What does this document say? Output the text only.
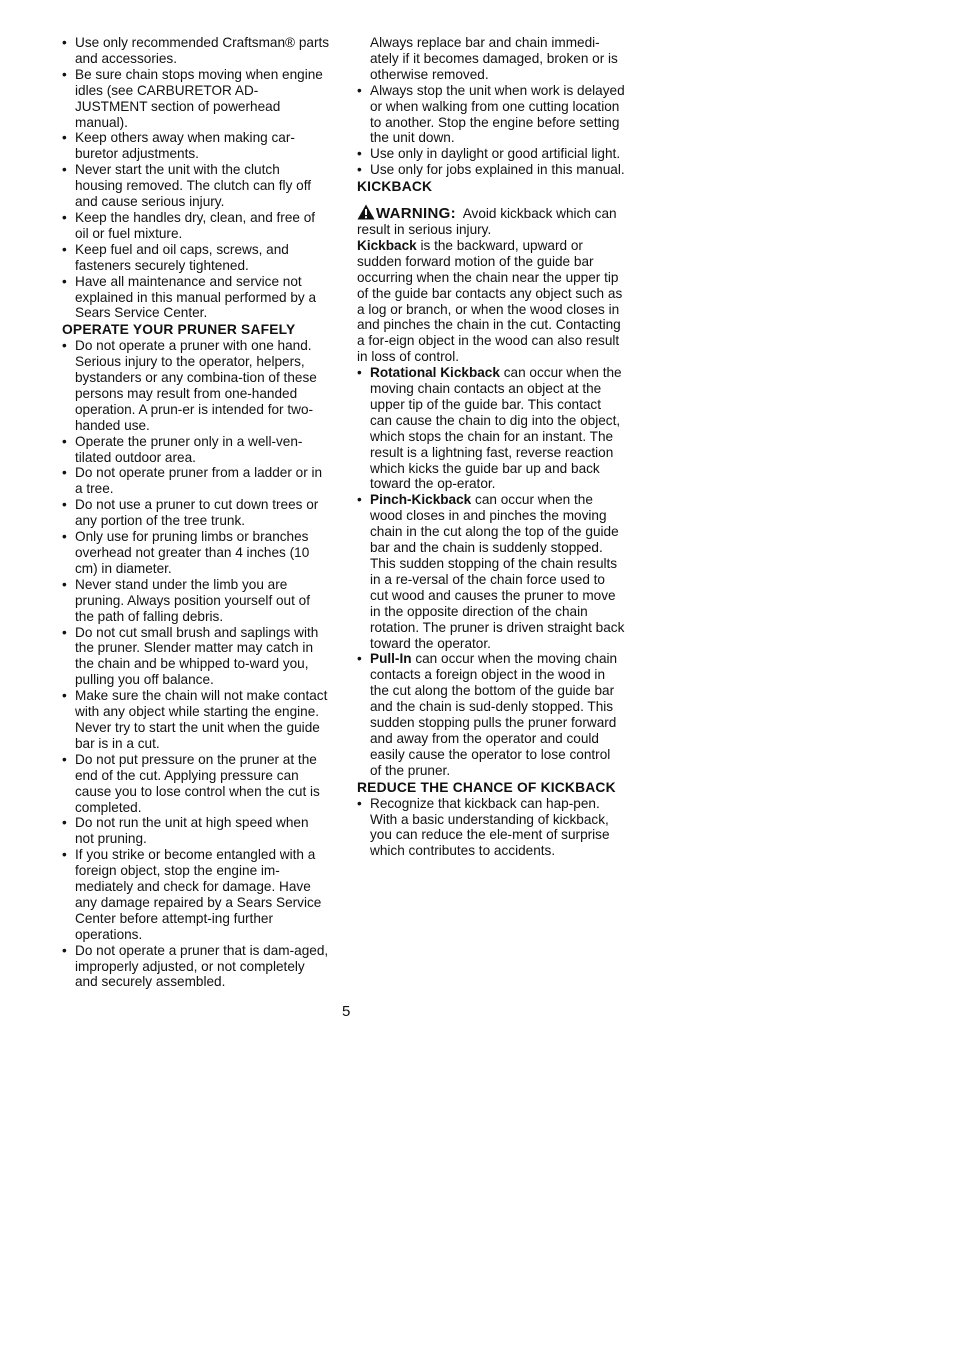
• Use only recommended Craftsman® parts and accessories.
• Be sure chain stops moving when engine idles (see CARBURETOR AD-JUSTMENT section of powerhead manual).
• Keep others away when making car-buretor adjustments.
• Never start the unit with the clutch housing removed. The clutch can fly off and cause serious injury.
• Keep the handles dry, clean, and free of oil or fuel mixture.
• Keep fuel and oil caps, screws, and fasteners securely tightened.
• Have all maintenance and service not explained in this manual performed by a Sears Service Center.
OPERATE YOUR PRUNER SAFELY
• Do not operate a pruner with one hand. Serious injury to the operator, helpers, bystanders or any combina-tion of these persons may result from one-handed operation. A prun-er is intended for two-handed use.
• Operate the pruner only in a well-ven-tilated outdoor area.
• Do not operate pruner from a ladder or in a tree.
• Do not use a pruner to cut down trees or any portion of the tree trunk.
• Only use for pruning limbs or branches overhead not greater than 4 inches (10 cm) in diameter.
• Never stand under the limb you are pruning. Always position yourself out of the path of falling debris.
• Do not cut small brush and saplings with the pruner. Slender matter may catch in the chain and be whipped to-ward you, pulling you off balance.
• Make sure the chain will not make contact with any object while starting the engine. Never try to start the unit when the guide bar is in a cut.
• Do not put pressure on the pruner at the end of the cut. Applying pressure can cause you to lose control when the cut is completed.
• Do not run the unit at high speed when not pruning.
• If you strike or become entangled with a foreign object, stop the engine im-mediately and check for damage. Have any damage repaired by a Sears Service Center before attempt-ing further operations.
• Do not operate a pruner that is dam-aged, improperly adjusted, or not completely and securely assembled.

Always replace bar and chain immedi-ately if it becomes damaged, broken or is otherwise removed.

• Always stop the unit when work is delayed or when walking from one cutting location to another. Stop the engine before setting the unit down.
• Use only in daylight or good artificial light.
• Use only for jobs explained in this manual.
KICKBACK

WARNING: Avoid kickback which can result in serious injury.

Kickback is the backward, upward or sudden forward motion of the guide bar occurring when the chain near the upper tip of the guide bar contacts any object such as a log or branch, or when the wood closes in and pinches the chain in the cut. Contacting a for-eign object in the wood can also result in loss of control.

• Rotational Kickback can occur when the moving chain contacts an object at the upper tip of the guide bar. This contact can cause the chain to dig into the object, which stops the chain for an instant. The result is a lightning fast, reverse reaction which kicks the guide bar up and back toward the op-erator.
• Pinch-Kickback can occur when the wood closes in and pinches the moving chain in the cut along the top of the guide bar and the chain is suddenly stopped. This sudden stopping of the chain results in a re-versal of the chain force used to cut wood and causes the pruner to move in the opposite direction of the chain rotation. The pruner is driven straight back toward the operator.
• Pull-In can occur when the moving chain contacts a foreign object in the wood in the cut along the bottom of the guide bar and the chain is sud-denly stopped. This sudden stopping pulls the pruner forward and away from the operator and could easily cause the operator to lose control of the pruner.
REDUCE THE CHANCE OF KICKBACK
• Recognize that kickback can hap-pen. With a basic understanding of kickback, you can reduce the ele-ment of surprise which contributes to accidents.
5
